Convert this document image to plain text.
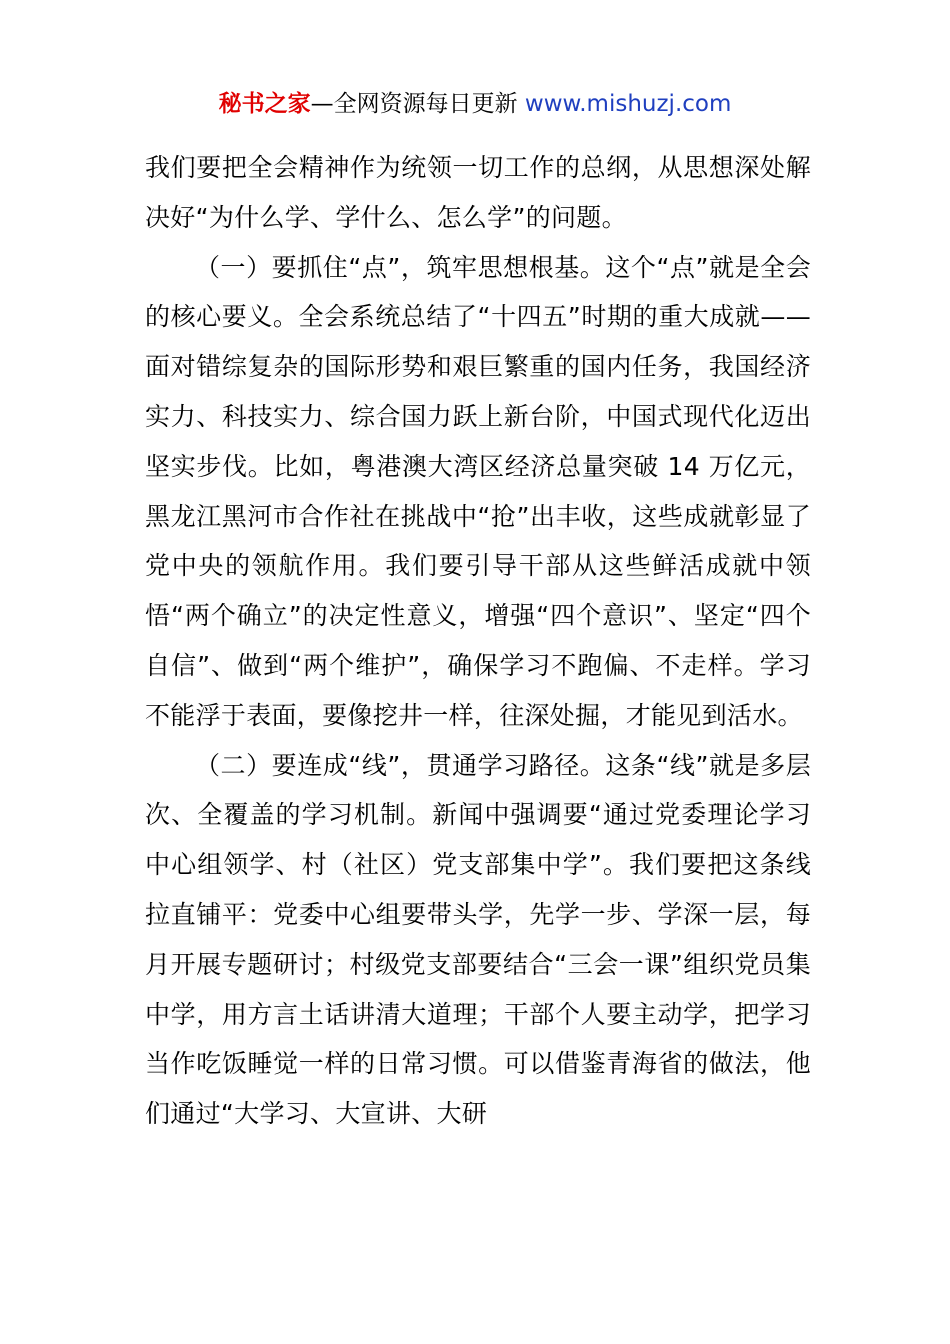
秘书之家—全网资源每日更新 www.mishuzj.com

我们要把全会精神作为统领一切工作的总纲，从思想深处解决好“为什么学、学什么、怎么学”的问题。

（一）要抓住“点”，筑牢思想根基。这个“点”就是全会的核心要义。全会系统总结了“十四五”时期的重大成就——面对错综复杂的国际形势和艰巨繁重的国内任务，我国经济实力、科技实力、综合国力跃上新台阶，中国式现代化迈出坚实步伐。比如，粤港澳大湾区经济总量突破 14 万亿元，黑龙江黑河市合作社在挑战中“抢”出丰收，这些成就彰显了党中央的领航作用。我们要引导干部从这些鲜活成就中领悟“两个确立”的决定性意义，增强“四个意识”、坚定“四个自信”、做到“两个维护”，确保学习不跑偏、不走样。学习不能浮于表面，要像挖井一样，往深处掘，才能见到活水。

（二）要连成“线”，贯通学习路径。这条“线”就是多层次、全覆盖的学习机制。新闻中强调要“通过党委理论学习中心组领学、村（社区）党支部集中学”。我们要把这条线拉直铺平：党委中心组要带头学，先学一步、学深一层，每月开展专题研讨；村级党支部要结合“三会一课”组织党员集中学，用方言土话讲清大道理；干部个人要主动学，把学习当作吃饭睡觉一样的日常习惯。可以借鉴青海省的做法，他们通过“大学习、大宣讲、大研
